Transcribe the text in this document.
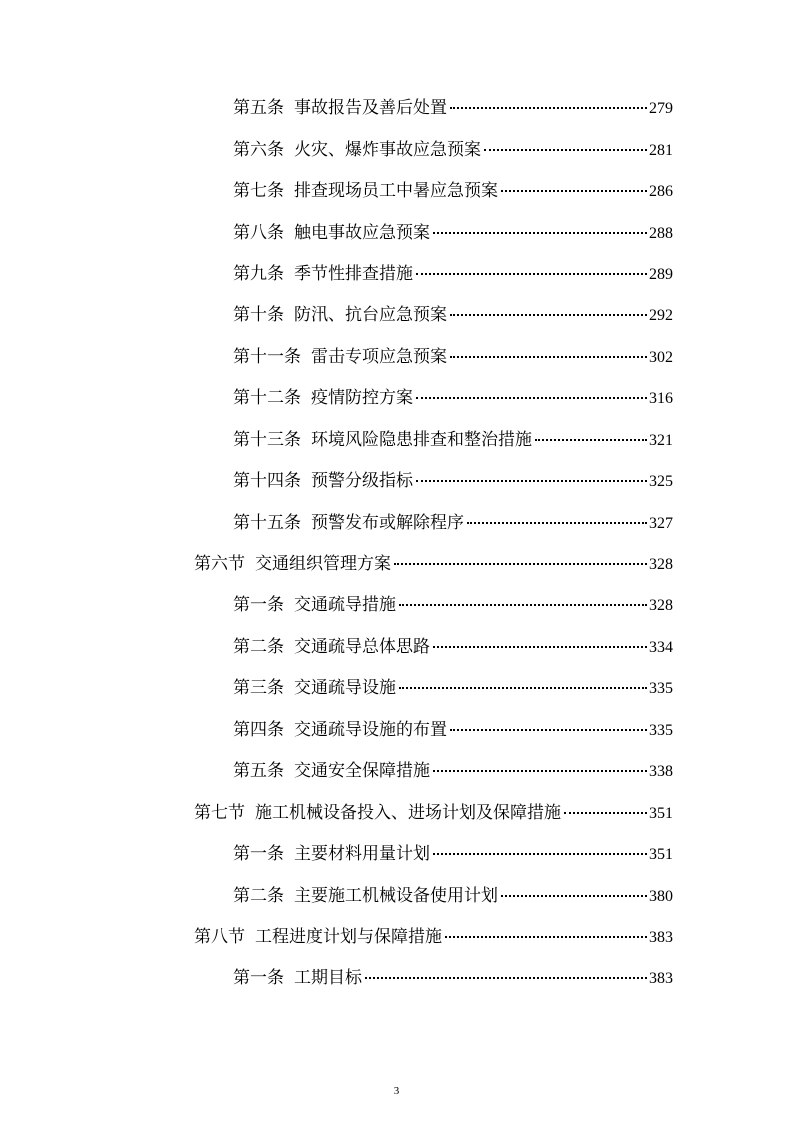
第五条 事故报告及善后处置	279
第六条 火灾、爆炸事故应急预案	281
第七条 排查现场员工中暑应急预案	286
第八条 触电事故应急预案	288
第九条 季节性排查措施	289
第十条 防汛、抗台应急预案	292
第十一条 雷击专项应急预案	302
第十二条 疫情防控方案	316
第十三条 环境风险隐患排查和整治措施	321
第十四条 预警分级指标	325
第十五条 预警发布或解除程序	327
第六节 交通组织管理方案	328
第一条 交通疏导措施	328
第二条 交通疏导总体思路	334
第三条 交通疏导设施	335
第四条 交通疏导设施的布置	335
第五条 交通安全保障措施	338
第七节 施工机械设备投入、进场计划及保障措施	351
第一条 主要材料用量计划	351
第二条 主要施工机械设备使用计划	380
第八节 工程进度计划与保障措施	383
第一条 工期目标	383
3
